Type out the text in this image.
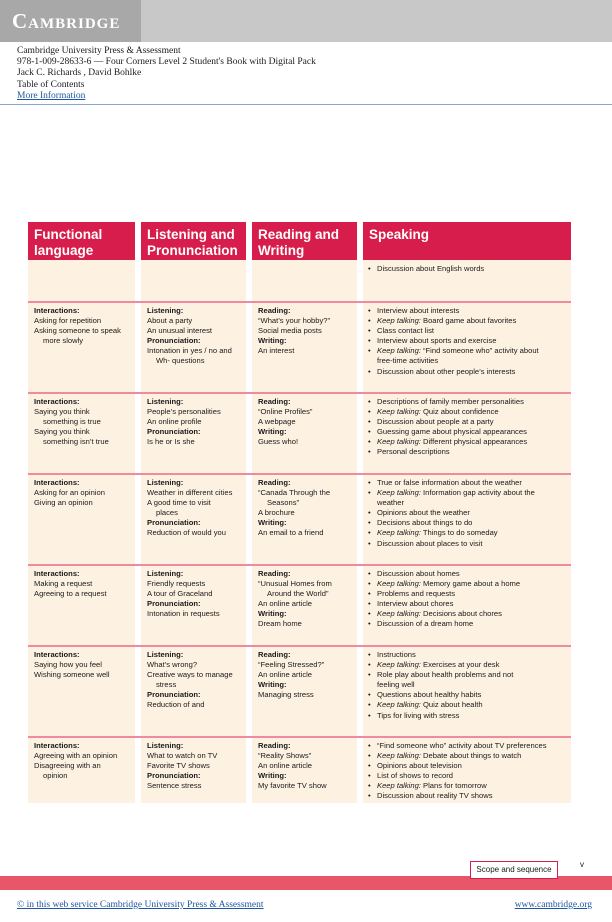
Cambridge
Cambridge University Press & Assessment
978-1-009-28633-6 — Four Corners Level 2 Student's Book with Digital Pack
Jack C. Richards , David Bohlke
Table of Contents
More Information
Functional language
Listening and Pronunciation
Reading and Writing
Speaking
• Discussion about English words
Interactions:
Asking for repetition
Asking someone to speak
more slowly
Listening:
About a party
An unusual interest
Pronunciation:
Intonation in yes / no and
Wh- questions
Reading:
“What’s your hobby?”
Social media posts
Writing:
An interest
• Interview about interests
• Keep talking: Board game about favorites
• Class contact list
• Interview about sports and exercise
• Keep talking: “Find someone who” activity about
free-time activities
• Discussion about other people’s interests
Interactions:
Saying you think
something is true
Saying you think
something isn’t true
Listening:
People’s personalities
An online profile
Pronunciation:
Is he or Is she
Reading:
“Online Profiles”
A webpage
Writing:
Guess who!
• Descriptions of family member personalities
• Keep talking: Quiz about confidence
• Discussion about people at a party
• Guessing game about physical appearances
• Keep talking: Different physical appearances
• Personal descriptions
Interactions:
Asking for an opinion
Giving an opinion
Listening:
Weather in different cities
A good time to visit
places
Pronunciation:
Reduction of would you
Reading:
“Canada Through the
Seasons”
A brochure
Writing:
An email to a friend
• True or false information about the weather
• Keep talking: Information gap activity about the
weather
• Opinions about the weather
• Decisions about things to do
• Keep talking: Things to do someday
• Discussion about places to visit
Interactions:
Making a request
Agreeing to a request
Listening:
Friendly requests
A tour of Graceland
Pronunciation:
Intonation in requests
Reading:
“Unusual Homes from
Around the World”
An online article
Writing:
Dream home
• Discussion about homes
• Keep talking: Memory game about a home
• Problems and requests
• Interview about chores
• Keep talking: Decisions about chores
• Discussion of a dream home
Interactions:
Saying how you feel
Wishing someone well
Listening:
What’s wrong?
Creative ways to manage
stress
Pronunciation:
Reduction of and
Reading:
“Feeling Stressed?”
An online article
Writing:
Managing stress
• Instructions
• Keep talking: Exercises at your desk
• Role play about health problems and not
feeling well
• Questions about healthy habits
• Keep talking: Quiz about health
• Tips for living with stress
Interactions:
Agreeing with an opinion
Disagreeing with an
opinion
Listening:
What to watch on TV
Favorite TV shows
Pronunciation:
Sentence stress
Reading:
“Reality Shows”
An online article
Writing:
My favorite TV show
• “Find someone who” activity about TV preferences
• Keep talking: Debate about things to watch
• Opinions about television
• List of shows to record
• Keep talking: Plans for tomorrow
• Discussion about reality TV shows
Scope and sequence
v
© in this web service Cambridge University Press & Assessment	www.cambridge.org
